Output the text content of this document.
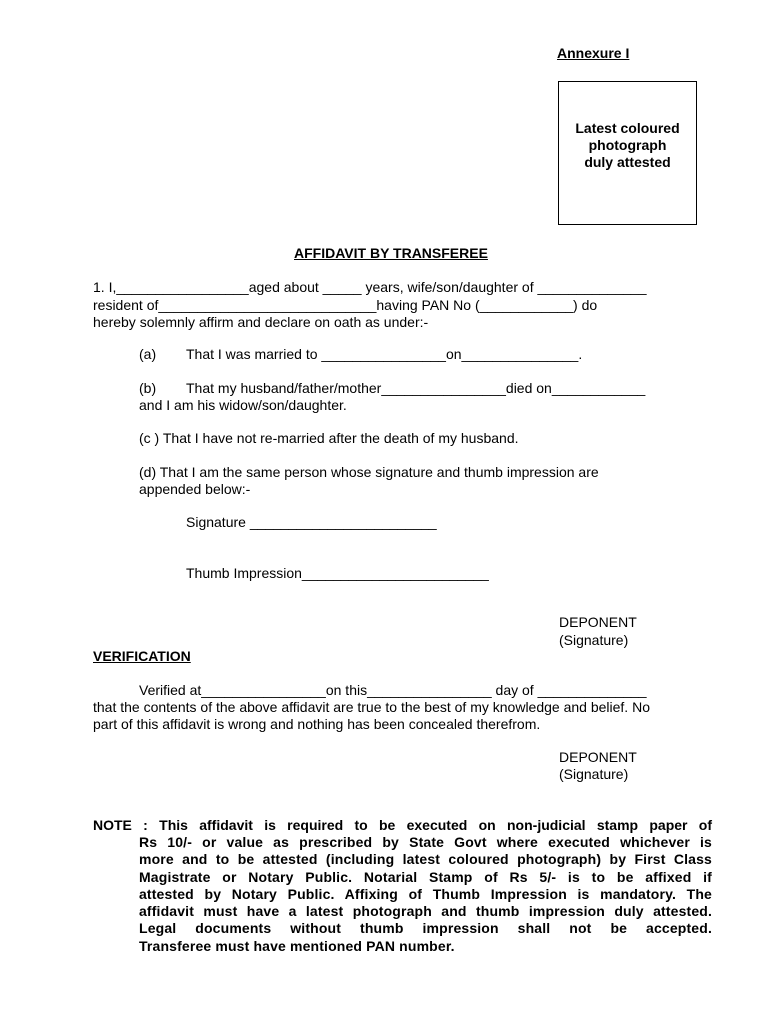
Annexure I
Latest coloured
photograph
duly attested
AFFIDAVIT BY TRANSFEREE
1. I,_________________aged about _____ years, wife/son/daughter of ______________
resident of____________________________having PAN No (____________) do
hereby solemnly affirm and declare on oath as under:-
(a) That I was married to ________________on_______________.
(b) That my husband/father/mother________________died on____________
and I am his widow/son/daughter.
(c ) That I have not re-married after the death of my husband.
(d) That I am the same person whose signature and thumb impression are
appended below:-
Signature ________________________
Thumb Impression________________________
DEPONENT
(Signature)
VERIFICATION
Verified at________________on this________________ day of ______________
that the contents of the above affidavit are true to the best of my knowledge and belief. No
part of this affidavit is wrong and nothing has been concealed therefrom.
DEPONENT
(Signature)
NOTE : This affidavit is required to be executed on non-judicial stamp paper of
Rs 10/- or value as prescribed by State Govt where executed whichever is
more and to be attested (including latest coloured photograph) by First Class
Magistrate or Notary Public. Notarial Stamp of Rs 5/- is to be affixed if
attested by Notary Public. Affixing of Thumb Impression is mandatory. The
affidavit must have a latest photograph and thumb impression duly attested.
Legal documents without thumb impression shall not be accepted.
Transferee must have mentioned PAN number.
